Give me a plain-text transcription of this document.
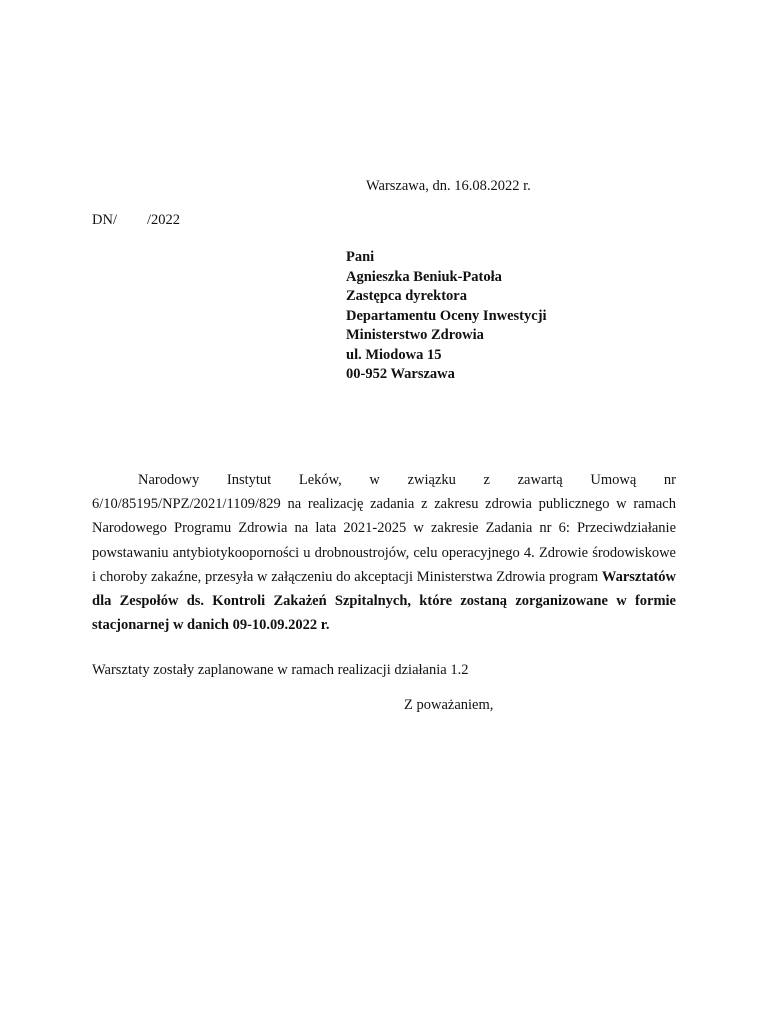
Warszawa, dn. 16.08.2022 r.
DN/ /2022
Pani
Agnieszka Beniuk-Patoła
Zastępca dyrektora
Departamentu Oceny Inwestycji
Ministerstwo Zdrowia
ul. Miodowa 15
00-952 Warszawa
Narodowy Instytut Leków, w związku z zawartą Umową nr 6/10/85195/NPZ/2021/1109/829 na realizację zadania z zakresu zdrowia publicznego w ramach Narodowego Programu Zdrowia na lata 2021-2025 w zakresie Zadania nr 6: Przeciwdziałanie powstawaniu antybiotykooporności u drobnoustrojów, celu operacyjnego 4. Zdrowie środowiskowe i choroby zakaźne, przesyła w załączeniu do akceptacji Ministerstwa Zdrowia program Warsztatów dla Zespołów ds. Kontroli Zakażeń Szpitalnych, które zostaną zorganizowane w formie stacjonarnej w danich 09-10.09.2022 r.
Warsztaty zostały zaplanowane w ramach realizacji działania 1.2
Z poważaniem,
